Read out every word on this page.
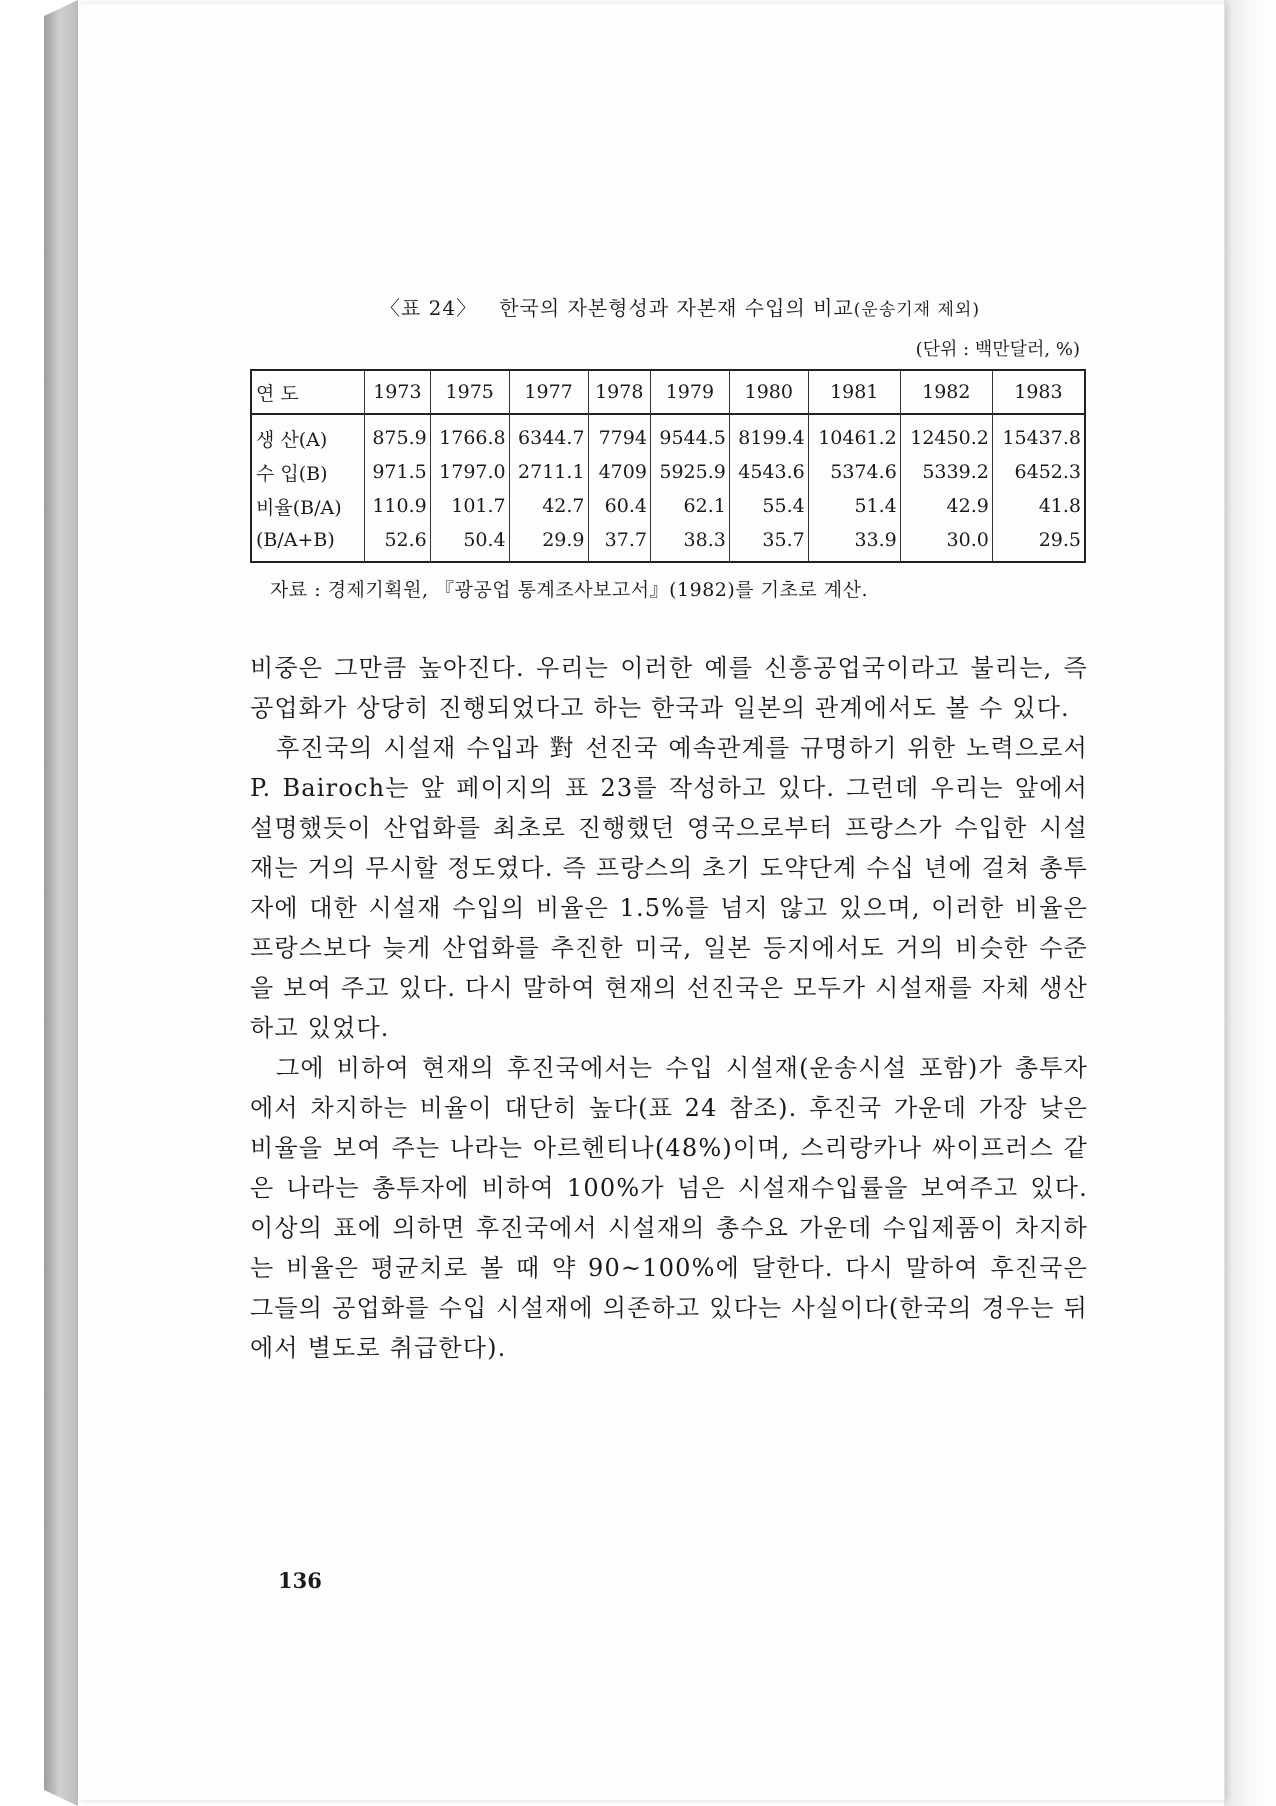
〈표 24〉 한국의 자본형성과 자본재 수입의 비교(운송기재 제외)
(단위 : 백만달러, %)
연 도	1973	1975	1977	1978	1979	1980	1981	1982	1983
생 산(A)	875.9	1766.8	6344.7	7794	9544.5	8199.4	10461.2	12450.2	15437.8
수 입(B)	971.5	1797.0	2711.1	4709	5925.9	4543.6	5374.6	5339.2	6452.3
비율(B/A)	110.9	101.7	42.7	60.4	62.1	55.4	51.4	42.9	41.8
(B/A+B)	52.6	50.4	29.9	37.7	38.3	35.7	33.9	30.0	29.5
자료 : 경제기획원, 『광공업 통계조사보고서』(1982)를 기초로 계산.

비중은 그만큼 높아진다. 우리는 이러한 예를 신흥공업국이라고 불리는, 즉 공업화가 상당히 진행되었다고 하는 한국과 일본의 관계에서도 볼 수 있다.

후진국의 시설재 수입과 對 선진국 예속관계를 규명하기 위한 노력으로서 P. Bairoch는 앞 페이지의 표 23를 작성하고 있다. 그런데 우리는 앞에서 설명했듯이 산업화를 최초로 진행했던 영국으로부터 프랑스가 수입한 시설재는 거의 무시할 정도였다. 즉 프랑스의 초기 도약단계 수십 년에 걸쳐 총투자에 대한 시설재 수입의 비율은 1.5%를 넘지 않고 있으며, 이러한 비율은 프랑스보다 늦게 산업화를 추진한 미국, 일본 등지에서도 거의 비슷한 수준을 보여 주고 있다. 다시 말하여 현재의 선진국은 모두가 시설재를 자체 생산하고 있었다.

그에 비하여 현재의 후진국에서는 수입 시설재(운송시설 포함)가 총투자에서 차지하는 비율이 대단히 높다(표 24 참조). 후진국 가운데 가장 낮은 비율을 보여 주는 나라는 아르헨티나(48%)이며, 스리랑카나 싸이프러스 같은 나라는 총투자에 비하여 100%가 넘은 시설재수입률을 보여주고 있다. 이상의 표에 의하면 후진국에서 시설재의 총수요 가운데 수입제품이 차지하는 비율은 평균치로 볼 때 약 90~100%에 달한다. 다시 말하여 후진국은 그들의 공업화를 수입 시설재에 의존하고 있다는 사실이다(한국의 경우는 뒤에서 별도로 취급한다).

136
